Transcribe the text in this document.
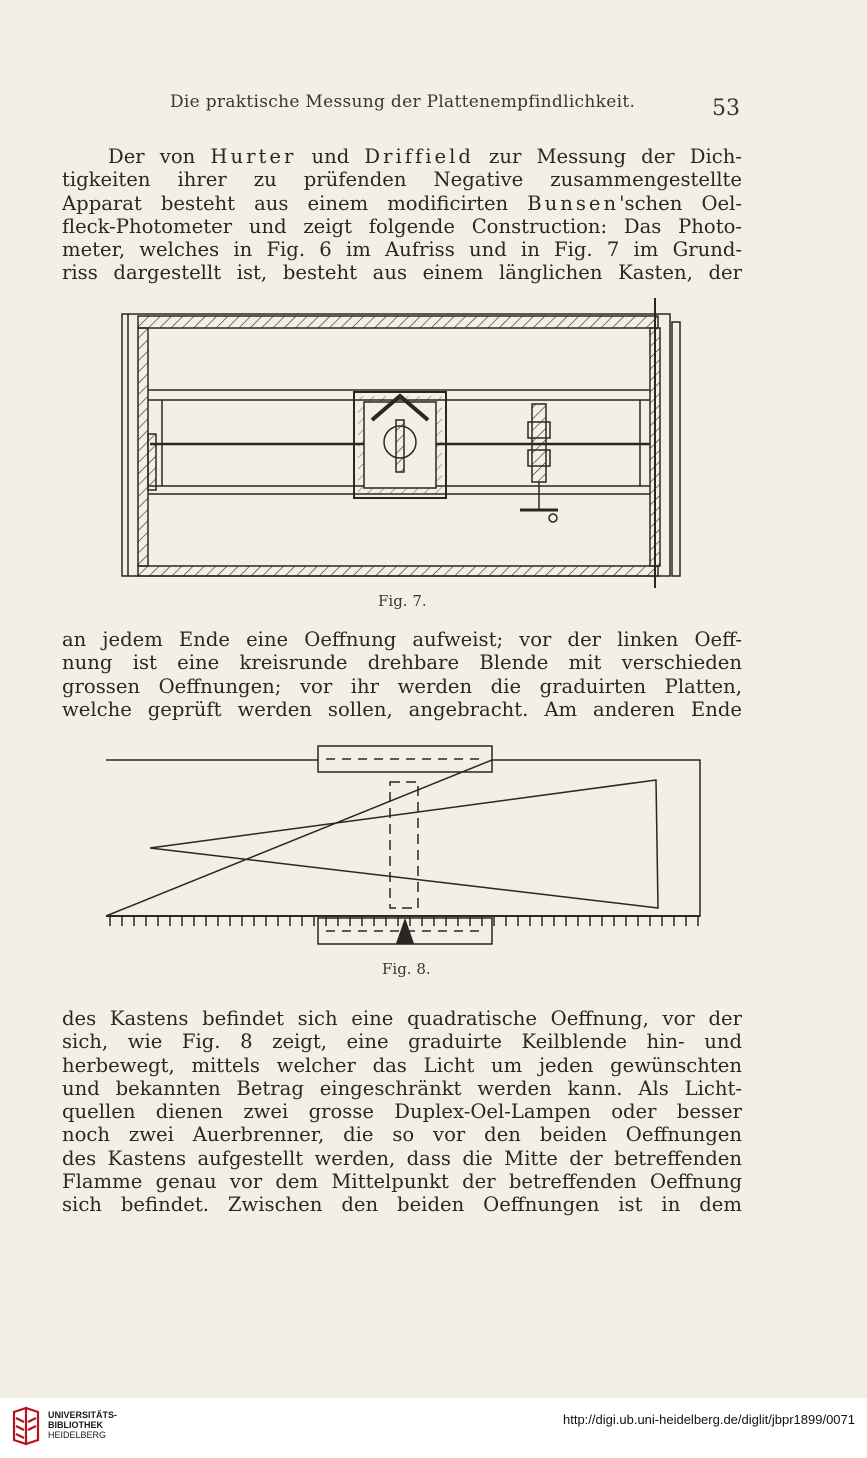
Die praktische Messung der Plattenempfindlichkeit.	53
Der von Hurter und Driffield zur Messung der Dich-
tigkeiten ihrer zu prüfenden Negative zusammengestellte
Apparat besteht aus einem modificirten Bunsen'schen Oel-
fleck-Photometer und zeigt folgende Construction: Das Photo-
meter, welches in Fig. 6 im Aufriss und in Fig. 7 im Grund-
riss dargestellt ist, besteht aus einem länglichen Kasten, der
Fig. 7.
an jedem Ende eine Oeffnung aufweist; vor der linken Oeff-
nung ist eine kreisrunde drehbare Blende mit verschieden
grossen Oeffnungen; vor ihr werden die graduirten Platten,
welche geprüft werden sollen, angebracht. Am anderen Ende
Fig. 8.
des Kastens befindet sich eine quadratische Oeffnung, vor der
sich, wie Fig. 8 zeigt, eine graduirte Keilblende hin- und
herbewegt, mittels welcher das Licht um jeden gewünschten
und bekannten Betrag eingeschränkt werden kann. Als Licht-
quellen dienen zwei grosse Duplex-Oel-Lampen oder besser
noch zwei Auerbrenner, die so vor den beiden Oeffnungen
des Kastens aufgestellt werden, dass die Mitte der betreffenden
Flamme genau vor dem Mittelpunkt der betreffenden Oeffnung
sich befindet. Zwischen den beiden Oeffnungen ist in dem
UNIVERSITÄTS-
BIBLIOTHEK
HEIDELBERG
http://digi.ub.uni-heidelberg.de/diglit/jbpr1899/0071
